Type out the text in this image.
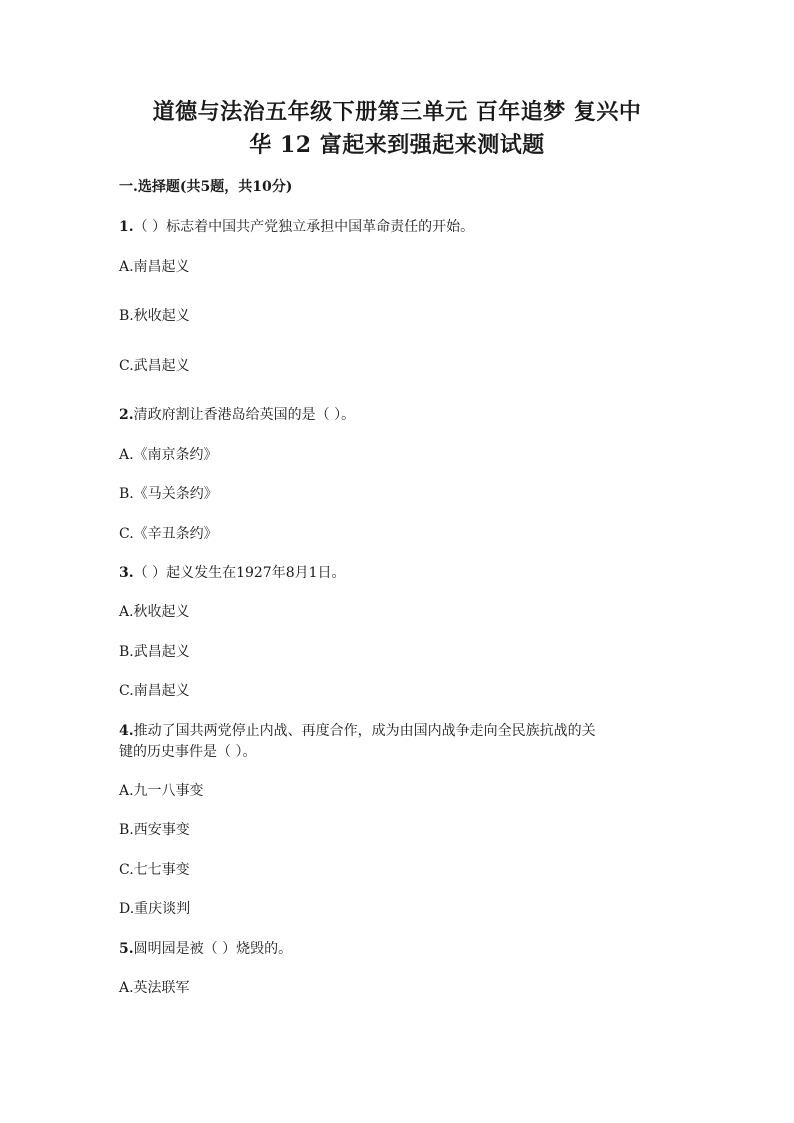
道德与法治五年级下册第三单元 百年追梦 复兴中
华 12 富起来到强起来测试题
一.选择题(共5题，共10分)
1.（ ）标志着中国共产党独立承担中国革命责任的开始。
A.南昌起义
B.秋收起义
C.武昌起义
2.清政府割让香港岛给英国的是（ ）。
A.《南京条约》
B.《马关条约》
C.《辛丑条约》
3.（ ）起义发生在1927年8月1日。
A.秋收起义
B.武昌起义
C.南昌起义
4.推动了国共两党停止内战、再度合作，成为由国内战争走向全民族抗战的关
键的历史事件是（ ）。
A.九一八事变
B.西安事变
C.七七事变
D.重庆谈判
5.圆明园是被（ ）烧毁的。
A.英法联军
